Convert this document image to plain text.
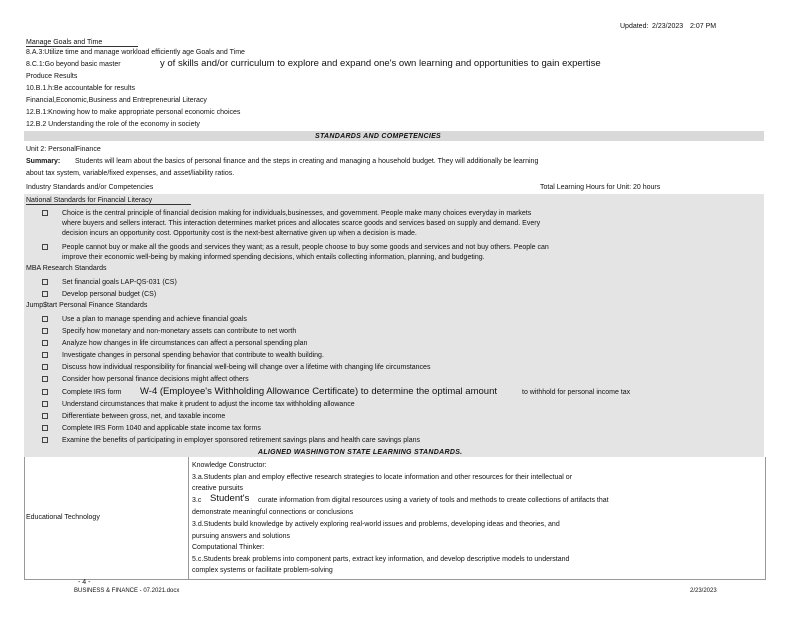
Updated: 2/23/2023 2:07 PM
Manage Goals and Time
8.A.3:Utilize time and manage workload efficiently age Goals and Time
8.C.1:Go beyond basic master	y of skills and/or curriculum to explore and expand one's own learning and opportunities to gain expertise
Produce Results
10.B.1.h:Be accountable for results
Financial,Economic,Business and Entrepreneurial Literacy
12.B.1:Knowing how to make appropriate personal economic choices
12.B.2 Understanding the role of the economy in society
STANDARDS AND COMPETENCIES
Unit 2: PersonalFinance
Summary: Students will learn about the basics of personal finance and the steps in creating and managing a household budget. They will additionally be learning
about tax system, variable/fixed expenses, and asset/liability ratios.
Industry Standards and/or Competencies	Total Learning Hours for Unit: 20 hours
National Standards for Financial Literacy
Choice is the central principle of financial decision making for individuals,businesses, and government. People make many choices everyday in markets
where buyers and sellers interact. This interaction determines market prices and allocates scarce goods and services based on supply and demand. Every
decision incurs an opportunity cost. Opportunity cost is the next-best alternative given up when a decision is made.
People cannot buy or make all the goods and services they want; as a result, people choose to buy some goods and services and not buy others. People can
improve their economic well-being by making informed spending decisions, which entails collecting information, planning, and budgeting.
MBA Research Standards
Set financial goals LAP-QS-031 (CS)
Develop personal budget (CS)
Jump$tart Personal Finance Standards
Use a plan to manage spending and achieve financial goals
Specify how monetary and non-monetary assets can contribute to net worth
Analyze how changes in life circumstances can affect a personal spending plan
Investigate changes in personal spending behavior that contribute to wealth building.
Discuss how individual responsibility for financial well-being will change over a lifetime with changing life circumstances
Consider how personal finance decisions might affect others
Complete IRS form W-4 (Employee's Withholding Allowance Certificate) to determine the optimal amount	to withhold for personal income tax
Understand circumstances that make it prudent to adjust the income tax withholding allowance
Differentiate between gross, net, and taxable income
Complete IRS Form 1040 and applicable state income tax forms
Examine the benefits of participating in employer sponsored retirement savings plans and health care savings plans
ALIGNED WASHINGTON STATE LEARNING STANDARDS.
Educational Technology
Knowledge Constructor:
3.a.Students plan and employ effective research strategies to locate information and other resources for their intellectual or
creative pursuits
3.c Student's curate information from digital resources using a variety of tools and methods to create collections of artifacts that
demonstrate meaningful connections or conclusions
3.d.Students build knowledge by actively exploring real-world issues and problems, developing ideas and theories, and
pursuing answers and solutions
Computational Thinker:
5.c.Students break problems into component parts, extract key information, and develop descriptive models to understand
complex systems or facilitate problem-solving
- 4 -
BUSINESS & FINANCE - 07.2021.docx	2/23/2023
